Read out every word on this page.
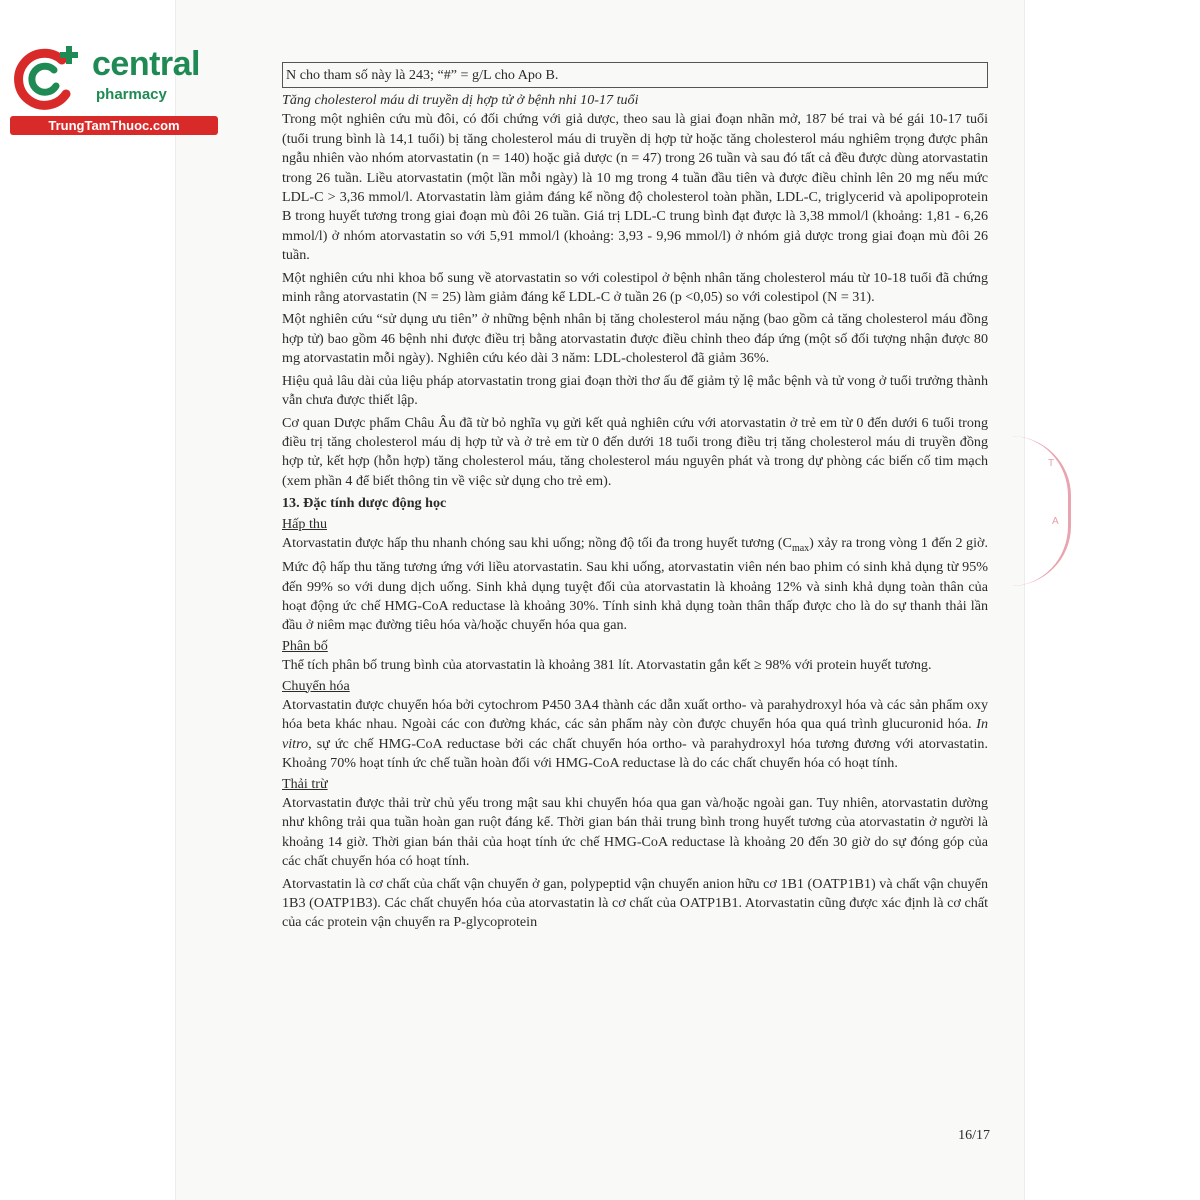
central
pharmacy
TrungTamThuoc.com
T
A

N cho tham số này là 243; “#” = g/L cho Apo B.

Tăng cholesterol máu di truyền dị hợp tử ở bệnh nhi 10-17 tuổi

Trong một nghiên cứu mù đôi, có đối chứng với giả dược, theo sau là giai đoạn nhãn mở, 187 bé trai và bé gái 10-17 tuổi (tuổi trung bình là 14,1 tuổi) bị tăng cholesterol máu di truyền dị hợp tử hoặc tăng cholesterol máu nghiêm trọng được phân ngẫu nhiên vào nhóm atorvastatin (n = 140) hoặc giả dược (n = 47) trong 26 tuần và sau đó tất cả đều được dùng atorvastatin trong 26 tuần. Liều atorvastatin (một lần mỗi ngày) là 10 mg trong 4 tuần đầu tiên và được điều chỉnh lên 20 mg nếu mức LDL-C > 3,36 mmol/l. Atorvastatin làm giảm đáng kể nồng độ cholesterol toàn phần, LDL-C, triglycerid và apolipoprotein B trong huyết tương trong giai đoạn mù đôi 26 tuần. Giá trị LDL-C trung bình đạt được là 3,38 mmol/l (khoảng: 1,81 - 6,26 mmol/l) ở nhóm atorvastatin so với 5,91 mmol/l (khoảng: 3,93 - 9,96 mmol/l) ở nhóm giả dược trong giai đoạn mù đôi 26 tuần.

Một nghiên cứu nhi khoa bổ sung về atorvastatin so với colestipol ở bệnh nhân tăng cholesterol máu từ 10-18 tuổi đã chứng minh rằng atorvastatin (N = 25) làm giảm đáng kể LDL-C ở tuần 26 (p <0,05) so với colestipol (N = 31).

Một nghiên cứu “sử dụng ưu tiên” ở những bệnh nhân bị tăng cholesterol máu nặng (bao gồm cả tăng cholesterol máu đồng hợp tử) bao gồm 46 bệnh nhi được điều trị bằng atorvastatin được điều chỉnh theo đáp ứng (một số đối tượng nhận được 80 mg atorvastatin mỗi ngày). Nghiên cứu kéo dài 3 năm: LDL-cholesterol đã giảm 36%.

Hiệu quả lâu dài của liệu pháp atorvastatin trong giai đoạn thời thơ ấu để giảm tỷ lệ mắc bệnh và tử vong ở tuổi trưởng thành vẫn chưa được thiết lập.

Cơ quan Dược phẩm Châu Âu đã từ bỏ nghĩa vụ gửi kết quả nghiên cứu với atorvastatin ở trẻ em từ 0 đến dưới 6 tuổi trong điều trị tăng cholesterol máu dị hợp tử và ở trẻ em từ 0 đến dưới 18 tuổi trong điều trị tăng cholesterol máu di truyền đồng hợp tử, kết hợp (hỗn hợp) tăng cholesterol máu, tăng cholesterol máu nguyên phát và trong dự phòng các biến cố tim mạch (xem phần 4 để biết thông tin về việc sử dụng cho trẻ em).

13. Đặc tính dược động học

Hấp thu

Atorvastatin được hấp thu nhanh chóng sau khi uống; nồng độ tối đa trong huyết tương $(C_{max})$ xảy ra trong vòng 1 đến 2 giờ. Mức độ hấp thu tăng tương ứng với liều atorvastatin. Sau khi uống, atorvastatin viên nén bao phim có sinh khả dụng từ 95% đến 99% so với dung dịch uống. Sinh khả dụng tuyệt đối của atorvastatin là khoảng 12% và sinh khả dụng toàn thân của hoạt động ức chế HMG-CoA reductase là khoảng 30%. Tính sinh khả dụng toàn thân thấp được cho là do sự thanh thải lần đầu ở niêm mạc đường tiêu hóa và/hoặc chuyển hóa qua gan.

Phân bố

Thể tích phân bố trung bình của atorvastatin là khoảng 381 lít. Atorvastatin gắn kết ≥ 98% với protein huyết tương.

Chuyển hóa

Atorvastatin được chuyển hóa bởi cytochrom P450 3A4 thành các dẫn xuất ortho- và parahydroxyl hóa và các sản phẩm oxy hóa beta khác nhau. Ngoài các con đường khác, các sản phẩm này còn được chuyển hóa qua quá trình glucuronid hóa. In vitro, sự ức chế HMG-CoA reductase bởi các chất chuyển hóa ortho- và parahydroxyl hóa tương đương với atorvastatin. Khoảng 70% hoạt tính ức chế tuần hoàn đối với HMG-CoA reductase là do các chất chuyển hóa có hoạt tính.

Thải trừ

Atorvastatin được thải trừ chủ yếu trong mật sau khi chuyển hóa qua gan và/hoặc ngoài gan. Tuy nhiên, atorvastatin dường như không trải qua tuần hoàn gan ruột đáng kể. Thời gian bán thải trung bình trong huyết tương của atorvastatin ở người là khoảng 14 giờ. Thời gian bán thải của hoạt tính ức chế HMG-CoA reductase là khoảng 20 đến 30 giờ do sự đóng góp của các chất chuyển hóa có hoạt tính.

Atorvastatin là cơ chất của chất vận chuyển ở gan, polypeptid vận chuyển anion hữu cơ 1B1 (OATP1B1) và chất vận chuyển 1B3 (OATP1B3). Các chất chuyển hóa của atorvastatin là cơ chất của OATP1B1. Atorvastatin cũng được xác định là cơ chất của các protein vận chuyển ra P-glycoprotein

16/17
